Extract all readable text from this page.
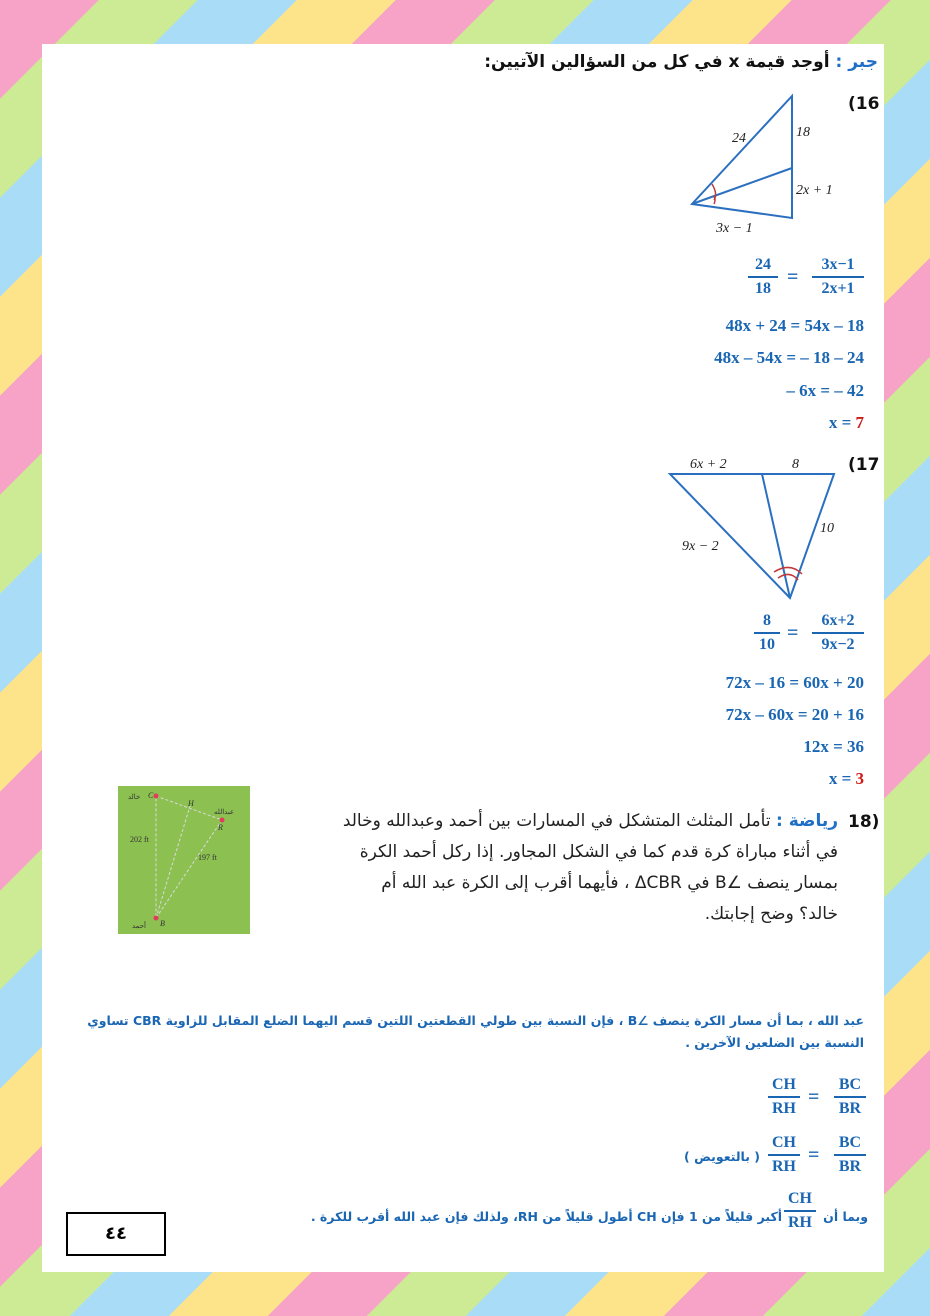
جبر : أوجد قيمة x في كل من السؤالين الآتيين:
(16
24	18
2x + 1
3x − 1
$\frac{24}{18} = \frac{3x-1}{2x+1}$
48x + 24 = 54x – 18
48x – 54x = – 18 – 24
– 6x = – 42
x = 7
(17
6x + 2	8
10
9x − 2
$\frac{8}{10} = \frac{6x+2}{9x-2}$
72x – 16 = 60x + 20
72x – 60x = 20 + 16
12x = 36
x = 3
18)
رياضة : تأمل المثلث المتشكل في المسارات بين أحمد وعبدالله وخالد في أثناء مباراة كرة قدم كما في الشكل المجاور. إذا ركل أحمد الكرة بمسار ينصف ∠B في ΔCBR ، فأيهما أقرب إلى الكرة عبد الله أم خالد؟ وضح إجابتك.
خالد
عبدالله
أحمد
C
H
R
B
202 ft
197 ft
عبد الله ، بما أن مسار الكرة ينصف ∠B ، فإن النسبة بين طولي القطعتين اللتين قسم اليهما الضلع المقابل للزاوية CBR تساوي النسبة بين الضلعين الآخرين .
$\frac{CH}{RH} = \frac{BC}{BR}$
( بالتعويض ) $\frac{CH}{RH} = \frac{BC}{BR}$
وبما أن
$\frac{CH}{RH}$
أكبر قليلاً من 1 فإن CH أطول قليلاً من RH، ولذلك فإن عبد الله أقرب للكرة .
٤٤
